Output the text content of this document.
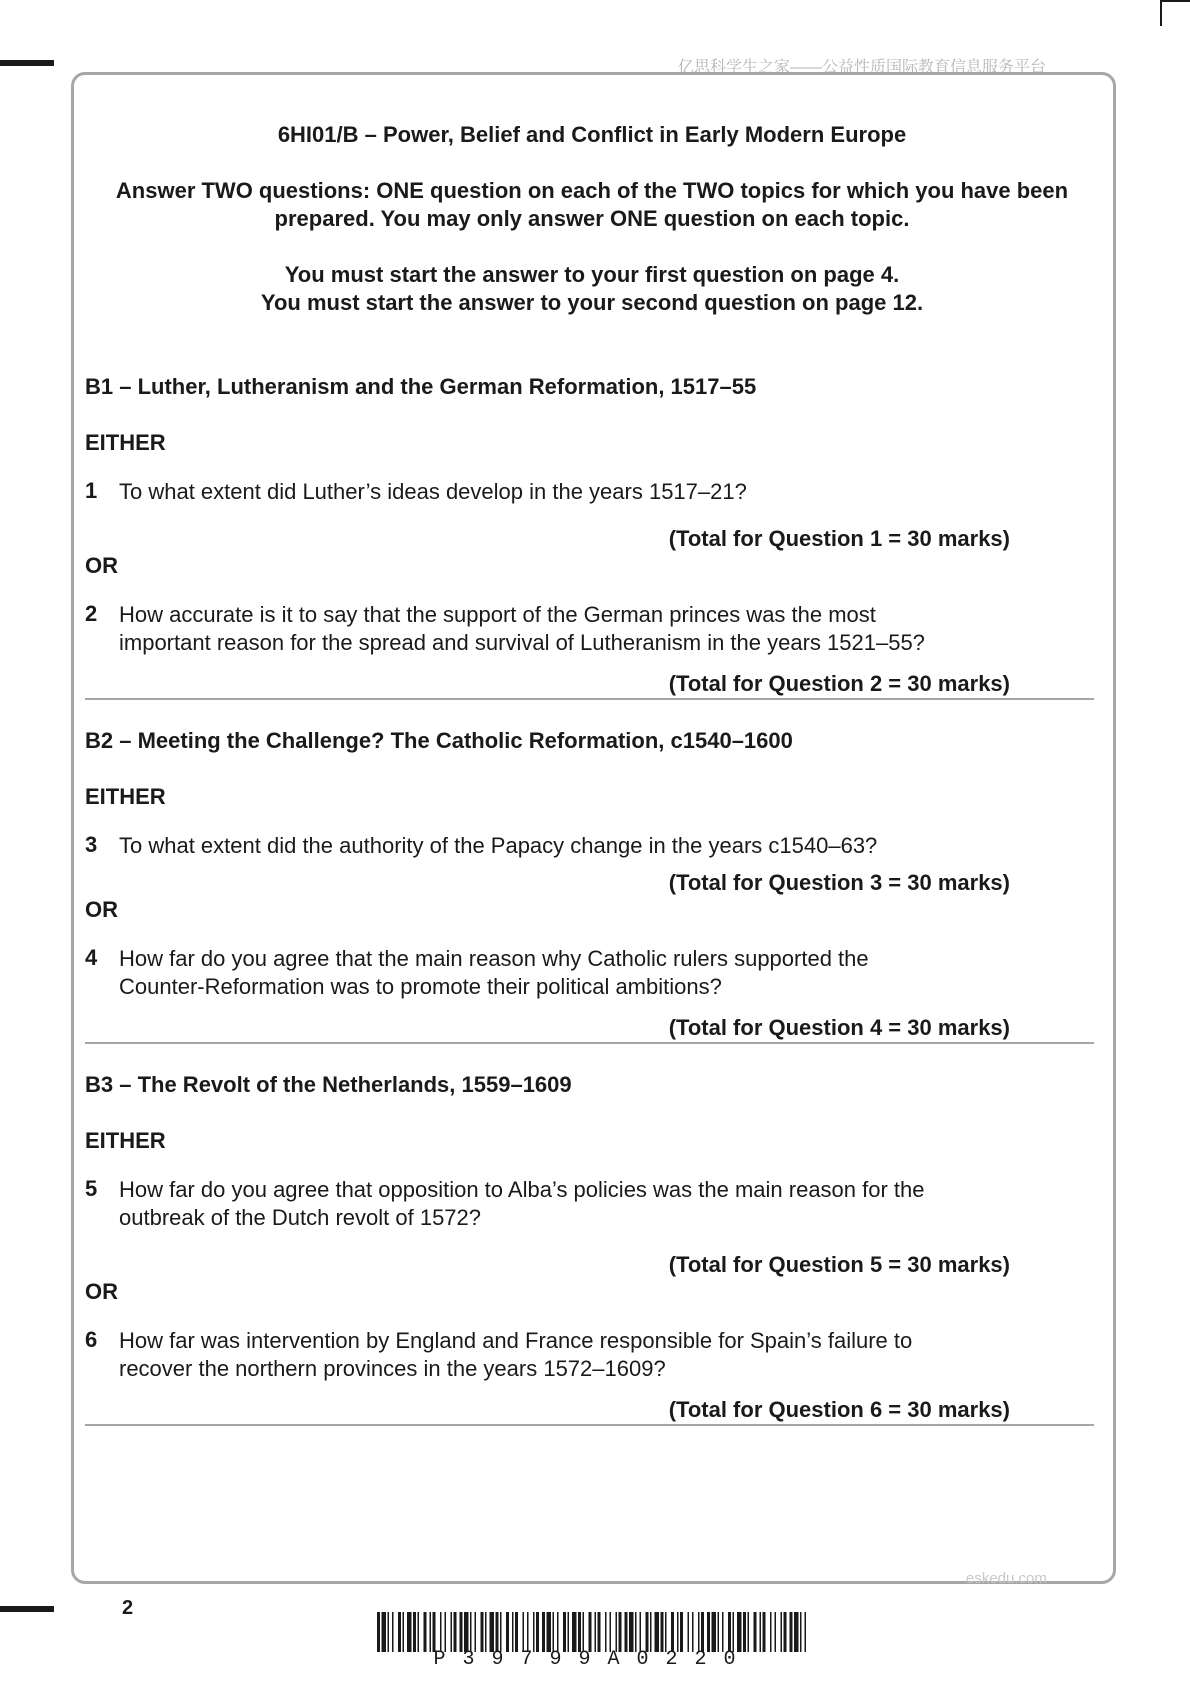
亿思科学生之家——公益性质国际教育信息服务平台
6HI01/B – Power, Belief and Conflict in Early Modern Europe
Answer TWO questions: ONE question on each of the TWO topics for which you have been
prepared. You may only answer ONE question on each topic.
You must start the answer to your first question on page 4.
You must start the answer to your second question on page 12.
B1 – Luther, Lutheranism and the German Reformation, 1517–55
EITHER
1 To what extent did Luther’s ideas develop in the years 1517–21?
(Total for Question 1 = 30 marks)
OR
2 How accurate is it to say that the support of the German princes was the most
important reason for the spread and survival of Lutheranism in the years 1521–55?
(Total for Question 2 = 30 marks)
B2 – Meeting the Challenge? The Catholic Reformation, c1540–1600
EITHER
3 To what extent did the authority of the Papacy change in the years c1540–63?
(Total for Question 3 = 30 marks)
OR
4 How far do you agree that the main reason why Catholic rulers supported the
Counter-Reformation was to promote their political ambitions?
(Total for Question 4 = 30 marks)
B3 – The Revolt of the Netherlands, 1559–1609
EITHER
5 How far do you agree that opposition to Alba’s policies was the main reason for the
outbreak of the Dutch revolt of 1572?
(Total for Question 5 = 30 marks)
OR
6 How far was intervention by England and France responsible for Spain’s failure to
recover the northern provinces in the years 1572–1609?
(Total for Question 6 = 30 marks)
eskedu.com
2
P39799A0220
